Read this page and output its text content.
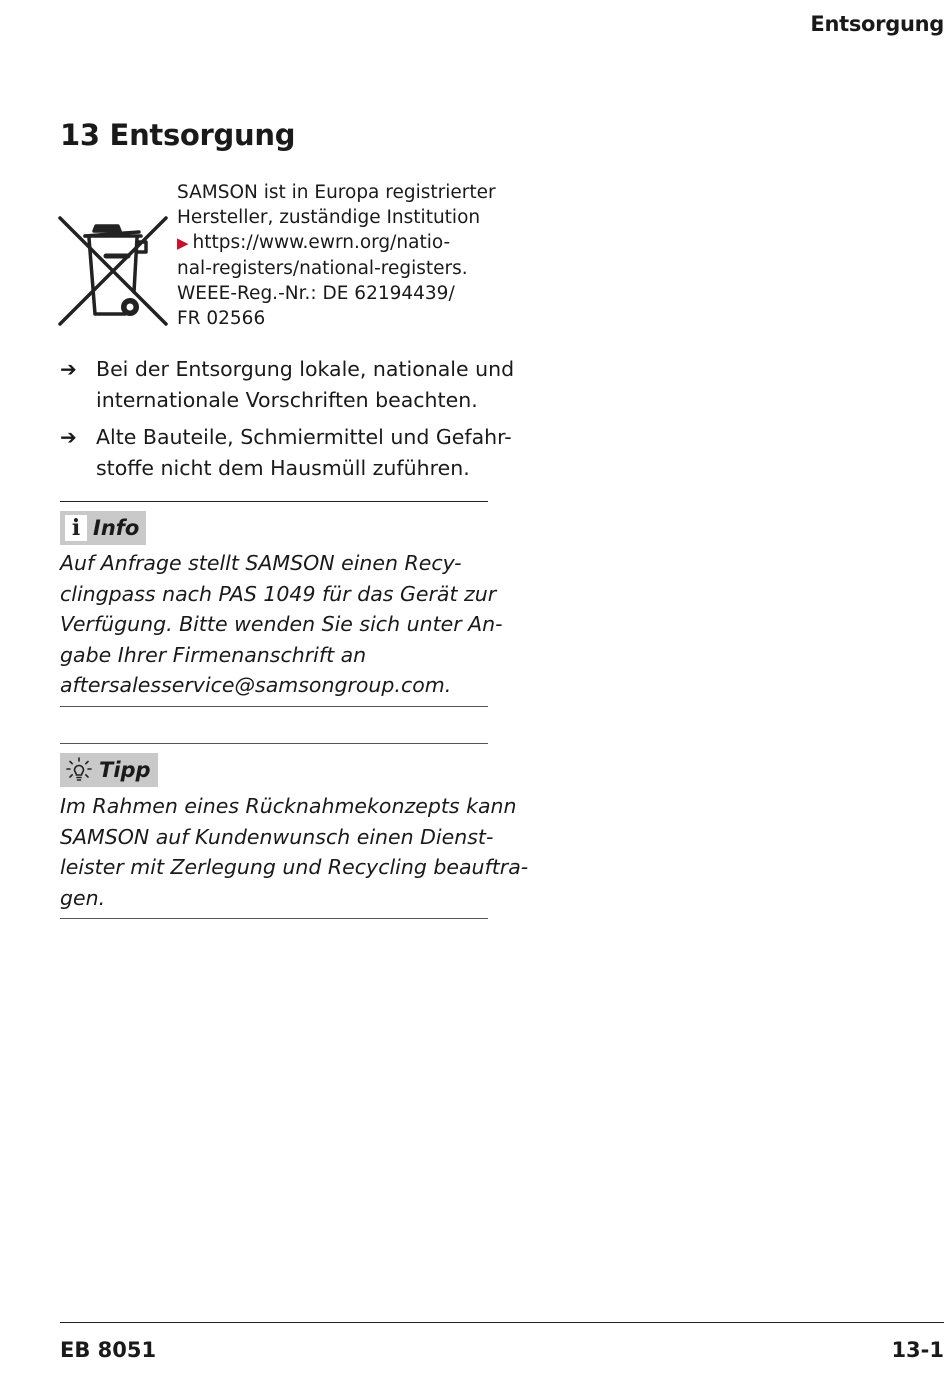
Entsorgung
13 Entsorgung
SAMSON ist in Europa registrierter
Hersteller, zuständige Institution
▶ https://www.ewrn.org/natio-
nal-registers/national-registers.
WEEE-Reg.-Nr.: DE 62194439/
FR 02566
➔ Bei der Entsorgung lokale, nationale und
internationale Vorschriften beachten.
➔ Alte Bauteile, Schmiermittel und Gefahr-
stoffe nicht dem Hausmüll zuführen.
i Info
Auf Anfrage stellt SAMSON einen Recy-
clingpass nach PAS 1049 für das Gerät zur
Verfügung. Bitte wenden Sie sich unter An-
gabe Ihrer Firmenanschrift an
aftersalesservice@samsongroup.com.
Tipp
Im Rahmen eines Rücknahmekonzepts kann
SAMSON auf Kundenwunsch einen Dienst-
leister mit Zerlegung und Recycling beauftra-
gen.
EB 8051	13-1
